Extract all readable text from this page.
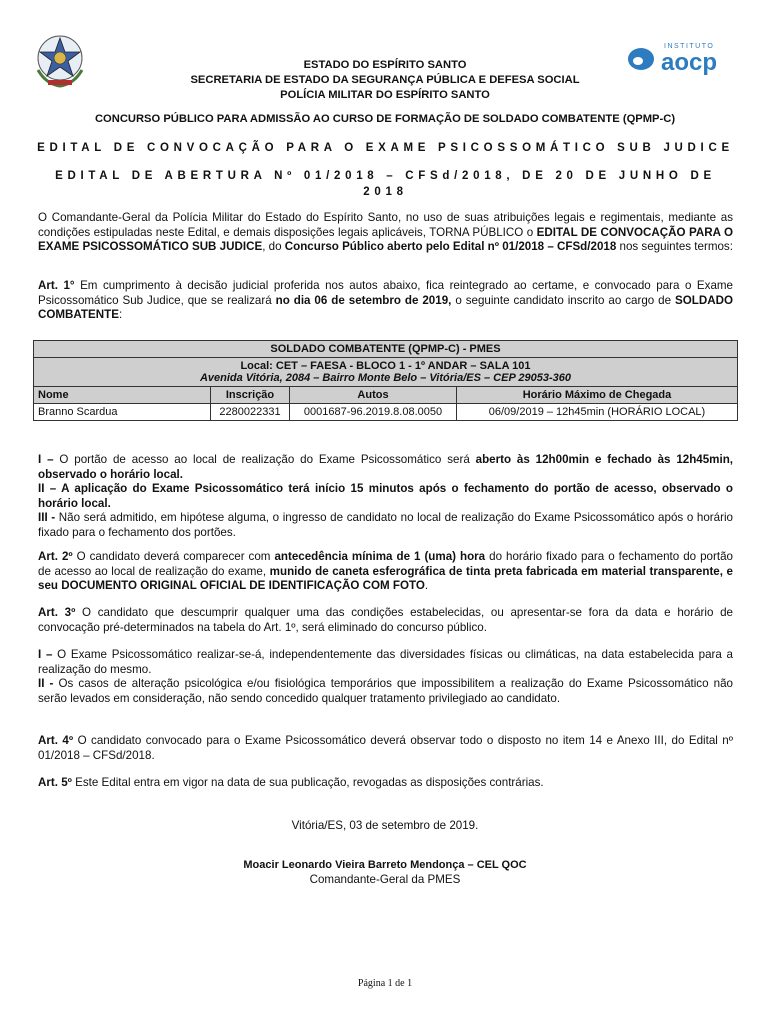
INSTITUTO
aocp
ESTADO DO ESPÍRITO SANTO
SECRETARIA DE ESTADO DA SEGURANÇA PÚBLICA E DEFESA SOCIAL
POLÍCIA MILITAR DO ESPÍRITO SANTO
CONCURSO PÚBLICO PARA ADMISSÃO AO CURSO DE FORMAÇÃO DE SOLDADO COMBATENTE (QPMP-C)
EDITAL DE CONVOCAÇÃO PARA O EXAME PSICOSSOMÁTICO SUB JUDICE
EDITAL DE ABERTURA Nº 01/2018 – CFSd/2018, DE 20 DE JUNHO DE
2018
O Comandante-Geral da Polícia Militar do Estado do Espírito Santo, no uso de suas atribuições legais e regimentais, mediante as condições estipuladas neste Edital, e demais disposições legais aplicáveis, TORNA PÚBLICO o EDITAL DE CONVOCAÇÃO PARA O EXAME PSICOSSOMÁTICO SUB JUDICE, do Concurso Público aberto pelo Edital nº 01/2018 – CFSd/2018 nos seguintes termos:
Art. 1° Em cumprimento à decisão judicial proferida nos autos abaixo, fica reintegrado ao certame, e convocado para o Exame Psicossomático Sub Judice, que se realizará no dia 06 de setembro de 2019, o seguinte candidato inscrito ao cargo de SOLDADO COMBATENTE:
SOLDADO COMBATENTE (QPMP-C) - PMES			

Local: CET – FAESA - BLOCO 1 - 1º ANDAR – SALA 101
Avenida Vitória, 2084 – Bairro Monte Belo – Vitória/ES – CEP 29053-360			

Nome	Inscrição	Autos	Horário Máximo de Chegada
Branno Scardua	2280022331	0001687-96.2019.8.08.0050	06/09/2019 – 12h45min (HORÁRIO LOCAL)
I – O portão de acesso ao local de realização do Exame Psicossomático será aberto às 12h00min e fechado às 12h45min, observado o horário local.
II – A aplicação do Exame Psicossomático terá início 15 minutos após o fechamento do portão de acesso, observado o horário local.
III - Não será admitido, em hipótese alguma, o ingresso de candidato no local de realização do Exame Psicossomático após o horário fixado para o fechamento dos portões.
Art. 2º O candidato deverá comparecer com antecedência mínima de 1 (uma) hora do horário fixado para o fechamento do portão de acesso ao local de realização do exame, munido de caneta esferográfica de tinta preta fabricada em material transparente, e seu DOCUMENTO ORIGINAL OFICIAL DE IDENTIFICAÇÃO COM FOTO.
Art. 3º O candidato que descumprir qualquer uma das condições estabelecidas, ou apresentar-se fora da data e horário de convocação pré-determinados na tabela do Art. 1º, será eliminado do concurso público.
I – O Exame Psicossomático realizar-se-á, independentemente das diversidades físicas ou climáticas, na data estabelecida para a realização do mesmo.
II - Os casos de alteração psicológica e/ou fisiológica temporários que impossibilitem a realização do Exame Psicossomático não serão levados em consideração, não sendo concedido qualquer tratamento privilegiado ao candidato.
Art. 4º O candidato convocado para o Exame Psicossomático deverá observar todo o disposto no item 14 e Anexo III, do Edital nº 01/2018 – CFSd/2018.
Art. 5º Este Edital entra em vigor na data de sua publicação, revogadas as disposições contrárias.
Vitória/ES, 03 de setembro de 2019.
Moacir Leonardo Vieira Barreto Mendonça – CEL QOC
Comandante-Geral da PMES
Página 1 de 1
